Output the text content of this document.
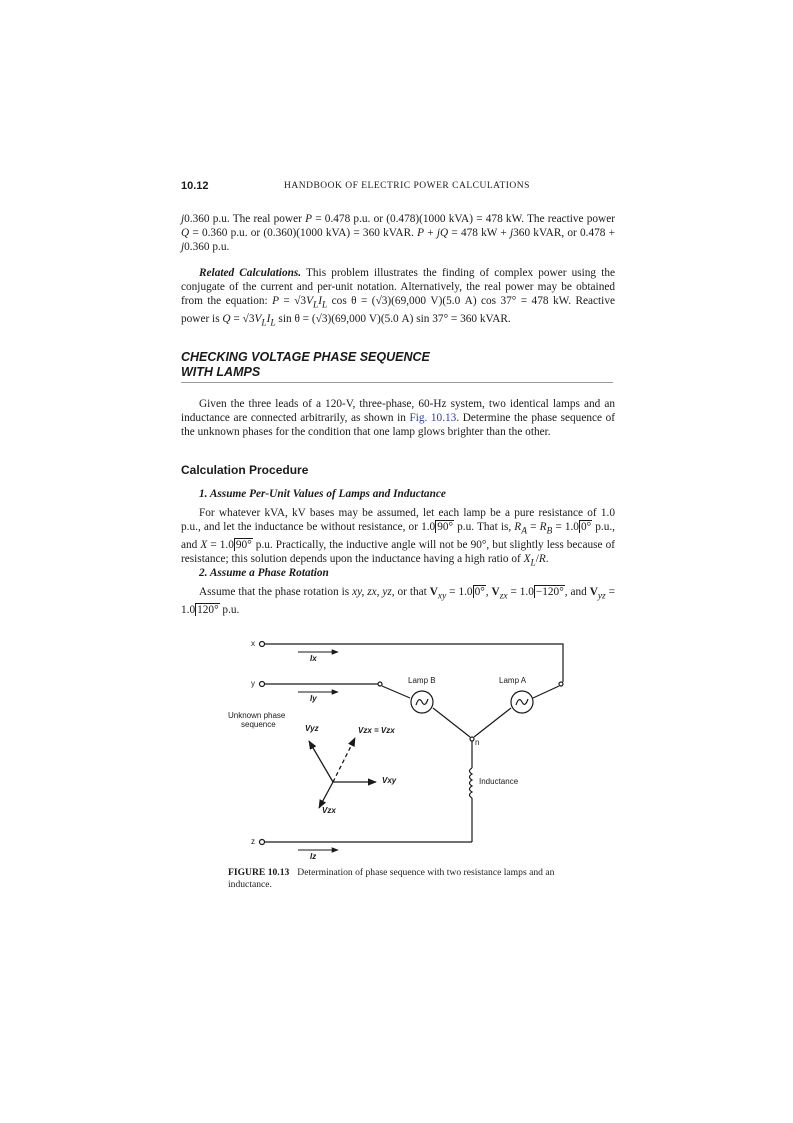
10.12	HANDBOOK OF ELECTRIC POWER CALCULATIONS

j0.360 p.u. The real power P = 0.478 p.u. or (0.478)(1000 kVA) = 478 kW. The reactive power Q = 0.360 p.u. or (0.360)(1000 kVA) = 360 kVAR. P + jQ = 478 kW + j360 kVAR, or 0.478 + j0.360 p.u.

Related Calculations. This problem illustrates the finding of complex power using the conjugate of the current and per-unit notation. Alternatively, the real power may be obtained from the equation: $P = √3V_LI_L$ cos θ = (√3)(69,000 V)(5.0 A) cos 37° = 478 kW. Reactive power is $Q = √3V_LI_L$ sin θ = (√3)(69,000 V)(5.0 A) sin 37° = 360 kVAR.

CHECKING VOLTAGE PHASE SEQUENCE
WITH LAMPS

Given the three leads of a 120-V, three-phase, 60-Hz system, two identical lamps and an inductance are connected arbitrarily, as shown in Fig. 10.13. Determine the phase sequence of the unknown phases for the condition that one lamp glows brighter than the other.

Calculation Procedure
1. Assume Per-Unit Values of Lamps and Inductance

For whatever kVA, kV bases may be assumed, let each lamp be a pure resistance of 1.0 p.u., and let the inductance be without resistance, or 1.0 90° p.u. That is, $R_A = R_B = 1.0$ 0° p.u., and X = 1.0 90° p.u. Practically, the inductive angle will not be 90°, but slightly less because of resistance; this solution depends upon the inductance having a high ratio of $X_L/R$.

2. Assume a Phase Rotation

Assume that the phase rotation is xy, zx, yz, or that $V_{xy} = 1.0$ 0°, $V_{zx} = 1.0 -120^\circ$, and $V_{yz} = 1.0$ 120° p.u.

x
y
z
Ix
Iy
Iz
Lamp B	Lamp A
n
Inductance
Unknown phase
sequence	Vyz	Vzx = Vzx
Vxy
Vzx
FIGURE 10.13 Determination of phase sequence with two resistance lamps and an inductance.
